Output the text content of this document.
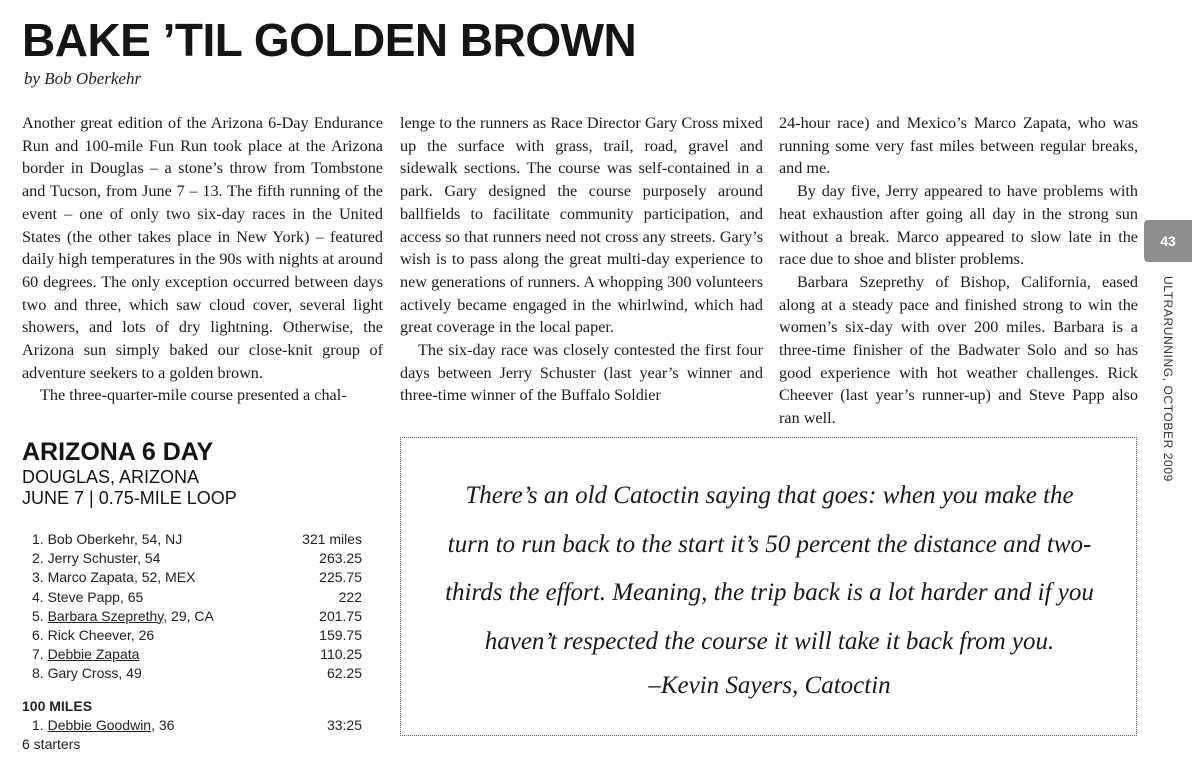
BAKE ’TIL GOLDEN BROWN
by Bob Oberkehr

Another great edition of the Arizona 6-Day Endurance Run and 100-mile Fun Run took place at the Arizona border in Douglas – a stone’s throw from Tombstone and Tucson, from June 7 – 13. The fifth running of the event – one of only two six-day races in the United States (the other takes place in New York) – featured daily high temperatures in the 90s with nights at around 60 degrees. The only exception occurred between days two and three, which saw cloud cover, several light showers, and lots of dry lightning. Otherwise, the Arizona sun simply baked our close-knit group of adventure seekers to a golden brown.

The three-quarter-mile course presented a chal-

lenge to the runners as Race Director Gary Cross mixed up the surface with grass, trail, road, gravel and sidewalk sections. The course was self-contained in a park. Gary designed the course purposely around ballfields to facilitate community participation, and access so that runners need not cross any streets. Gary’s wish is to pass along the great multi-day experience to new generations of runners. A whopping 300 volunteers actively became engaged in the whirlwind, which had great coverage in the local paper.

The six-day race was closely contested the first four days between Jerry Schuster (last year’s winner and three-time winner of the Buffalo Soldier

24-hour race) and Mexico’s Marco Zapata, who was running some very fast miles between regular breaks, and me.

By day five, Jerry appeared to have problems with heat exhaustion after going all day in the strong sun without a break. Marco appeared to slow late in the race due to shoe and blister problems.

Barbara Szeprethy of Bishop, California, eased along at a steady pace and finished strong to win the women’s six-day with over 200 miles. Barbara is a three-time finisher of the Badwater Solo and so has good experience with hot weather challenges. Rick Cheever (last year’s runner-up) and Steve Papp also ran well.

43
ULTRARUNNING, OCTOBER 2009
ARIZONA 6 DAY
DOUGLAS, ARIZONA
JUNE 7 | 0.75-MILE LOOP
1. Bob Oberkehr, 54, NJ	321 miles
2. Jerry Schuster, 54	263.25
3. Marco Zapata, 52, MEX	225.75
4. Steve Papp, 65	222
5. Barbara Szeprethy, 29, CA	201.75
6. Rick Cheever, 26	159.75
7. Debbie Zapata	110.25
8. Gary Cross, 49	62.25
100 MILES
1. Debbie Goodwin, 36	33:25
6 starters
There’s an old Catoctin saying that goes: when you make the
turn to run back to the start it’s 50 percent the distance and two-
thirds the effort. Meaning, the trip back is a lot harder and if you
haven’t respected the course it will take it back from you.
–Kevin Sayers, Catoctin
